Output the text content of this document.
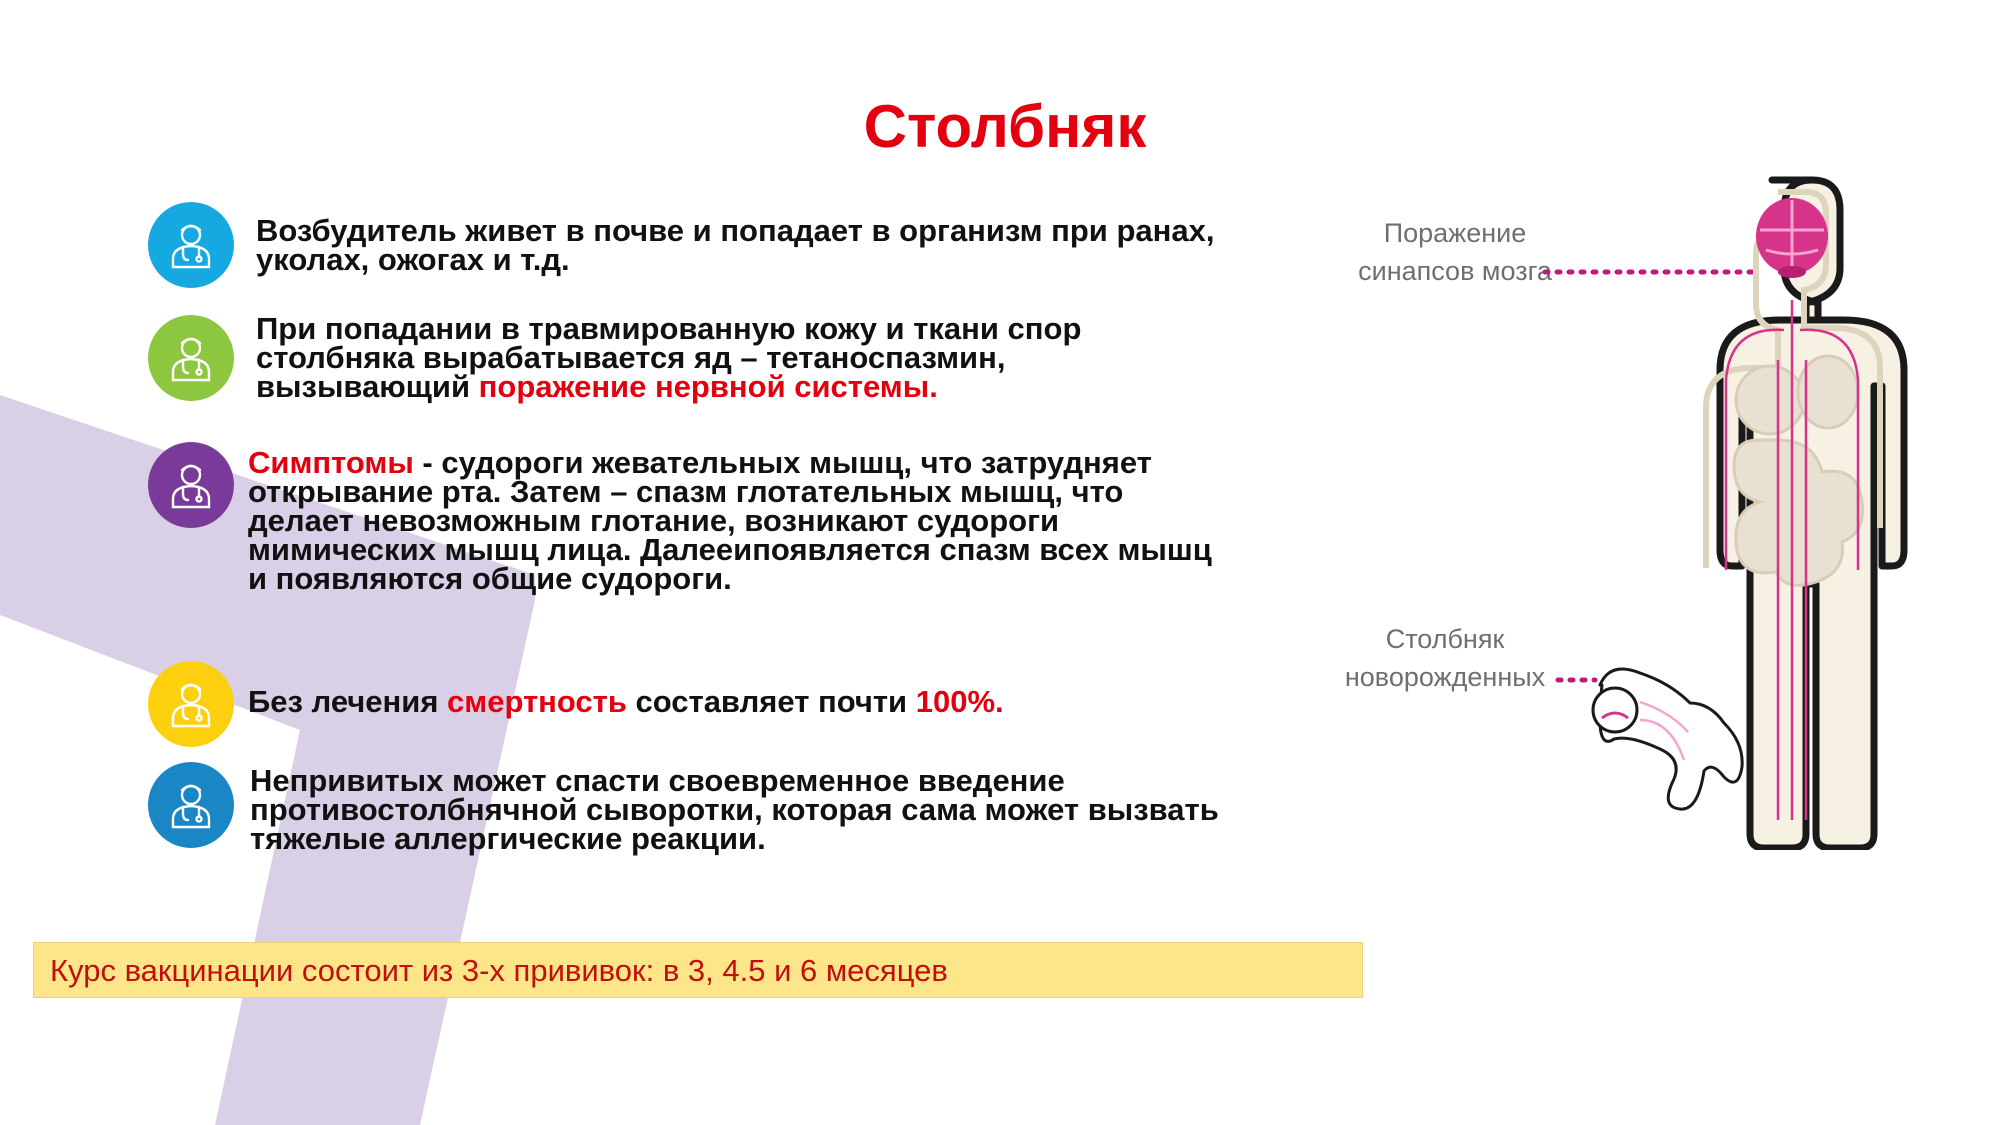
Столбняк
Возбудитель живет в почве и попадает в организм при ранах, уколах, ожогах и т.д.
При попадании в травмированную кожу и ткани спор столбняка вырабатывается яд – тетаноспазмин, вызывающий поражение нервной системы.
Симптомы - судороги жевательных мышц, что затрудняет открывание рта. Затем – спазм глотательных мышц, что делает невозможным глотание, возникают судороги мимических мышц лица. Далееипоявляется спазм всех мышц и появляются общие судороги.
Без лечения смертность составляет почти 100%.
Непривитых может спасти своевременное введение противостолбнячной сыворотки, которая сама может вызвать тяжелые аллергические реакции.
Поражение
синапсов мозга
Столбняк
новорожденных
Курс вакцинации состоит из 3-х прививок: в 3, 4.5 и 6 месяцев
